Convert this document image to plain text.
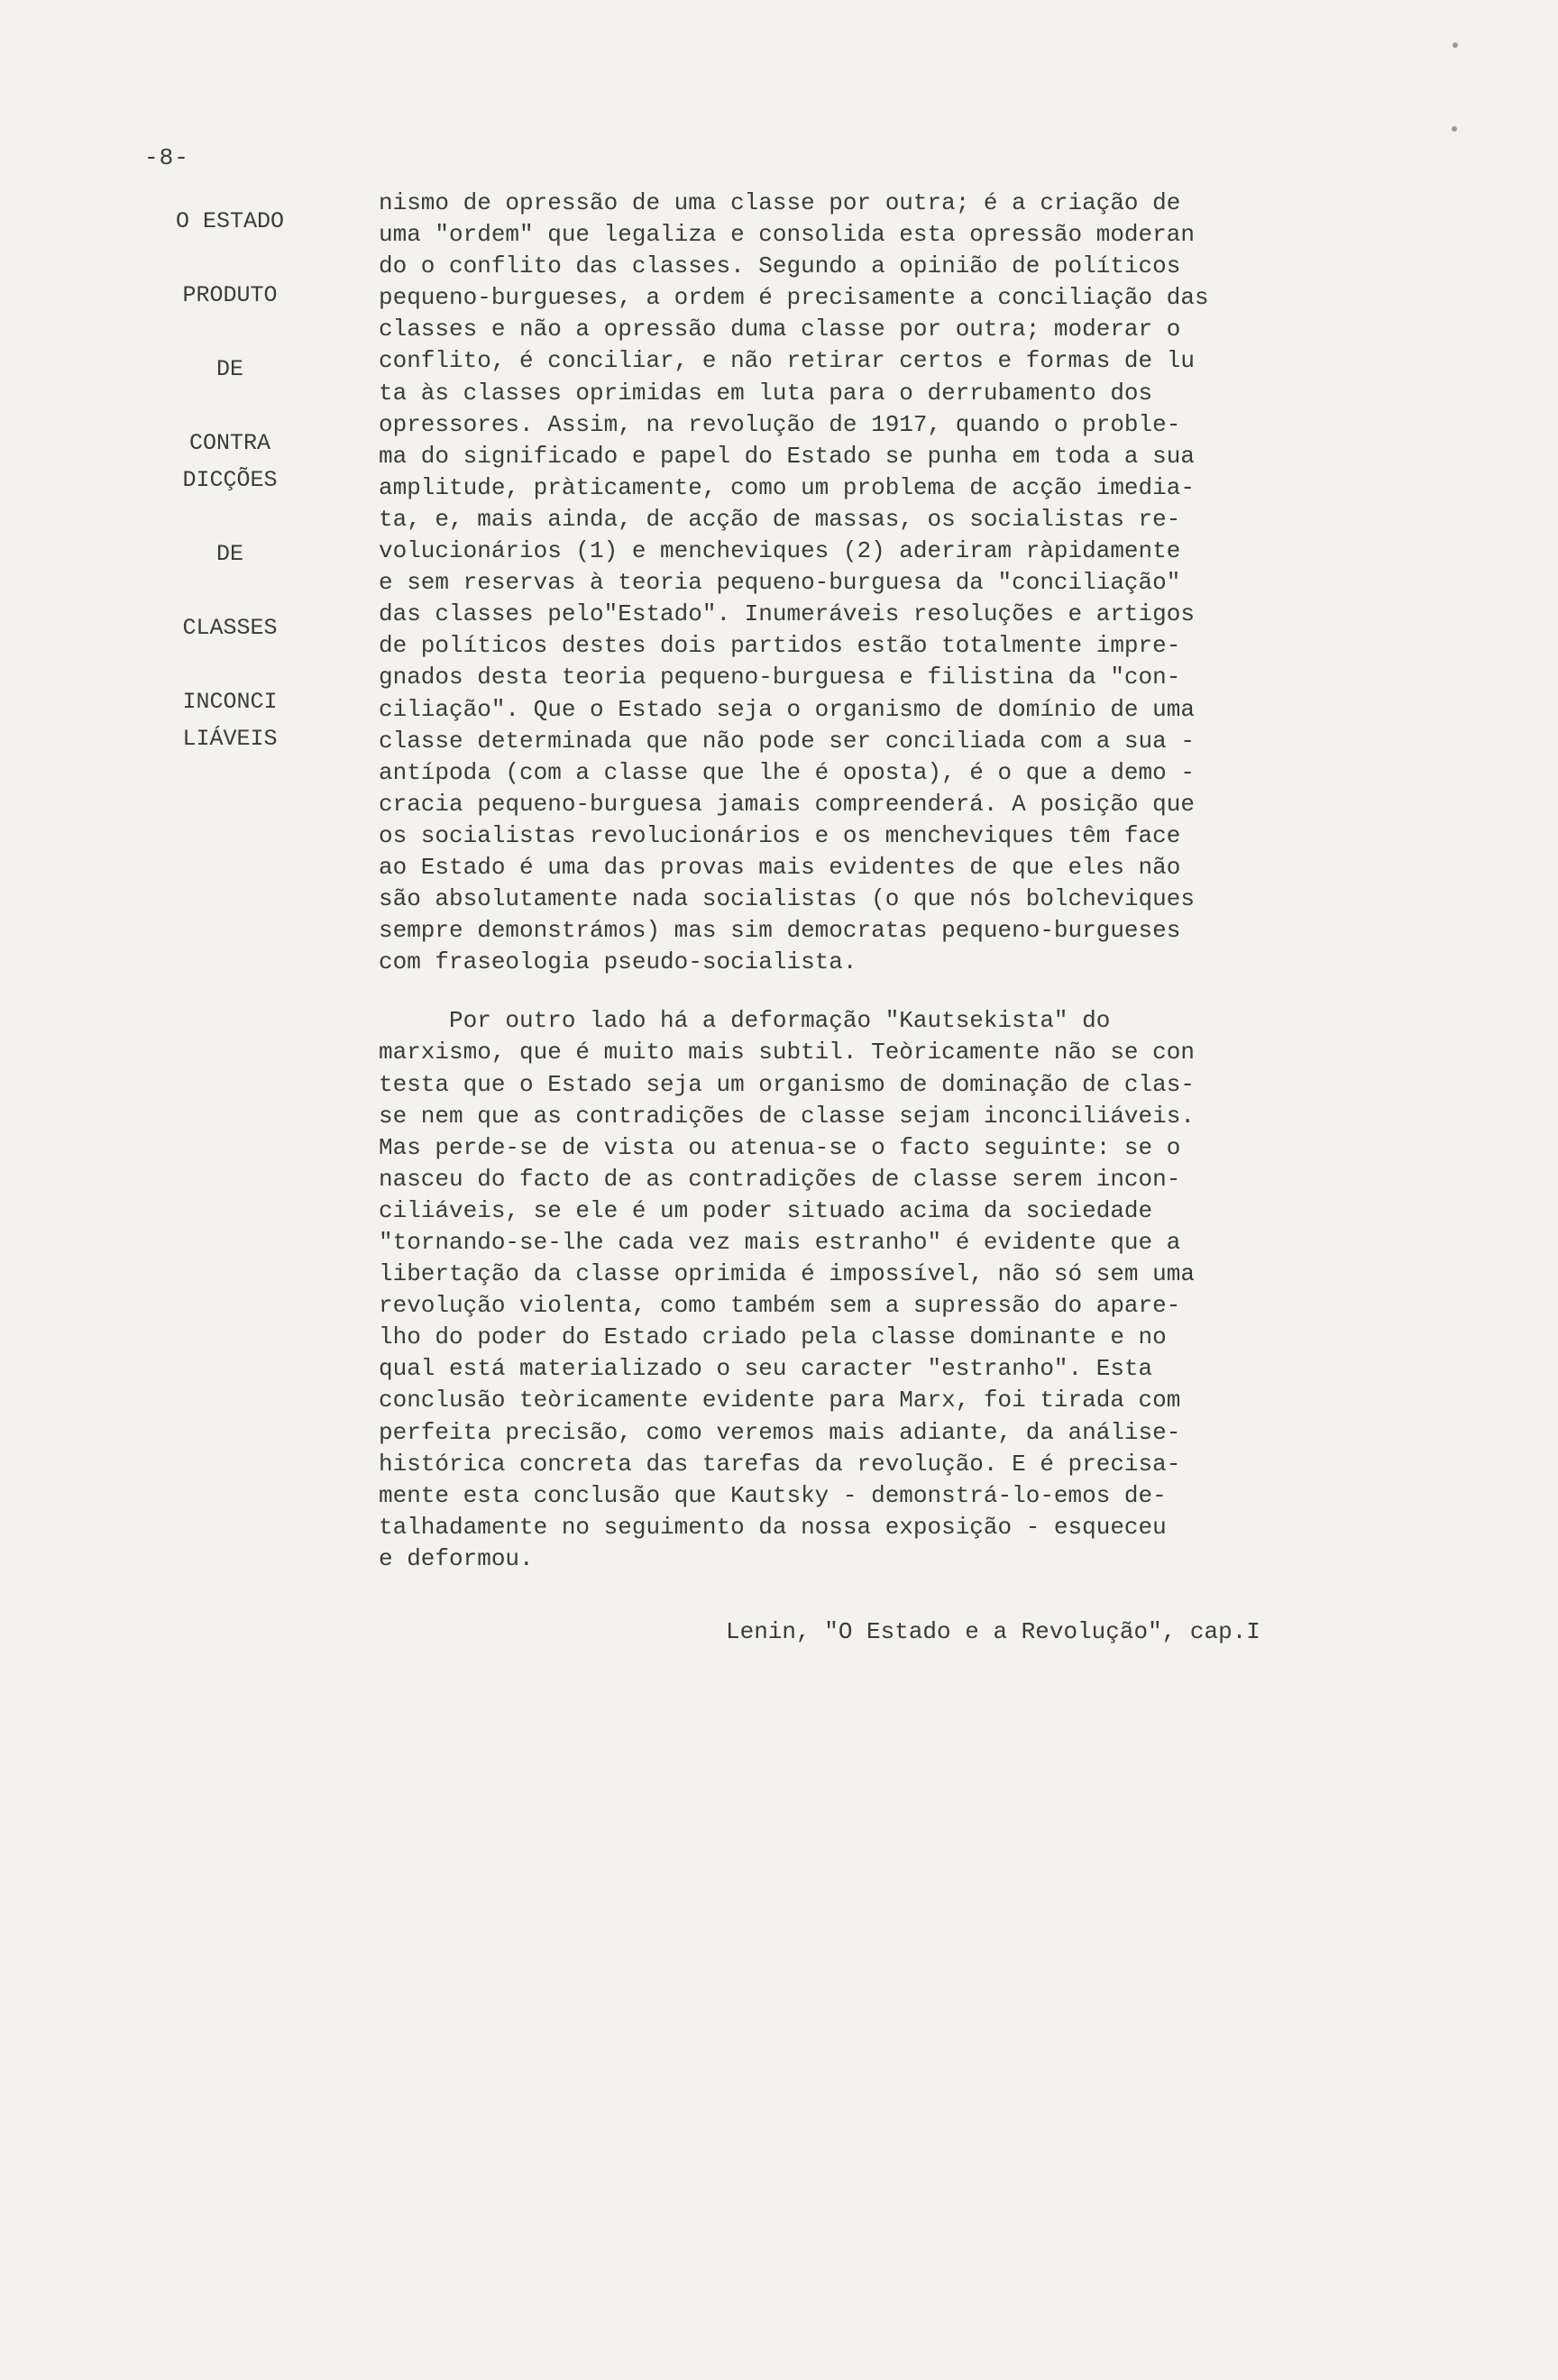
-8-
O ESTADO
PRODUTO
DE
CONTRA
DICÇÕES
DE
CLASSES
INCONCI
LIÁVEIS
nismo de opressão de uma classe por outra; é a criação de
uma "ordem" que legaliza e consolida esta opressão moderan
do o conflito das classes. Segundo a opinião de políticos
pequeno-burgueses, a ordem é precisamente a conciliação das
classes e não a opressão duma classe por outra; moderar o
conflito, é conciliar, e não retirar certos e formas de lu
ta às classes oprimidas em luta para o derrubamento dos
opressores. Assim, na revolução de 1917, quando o proble-
ma do significado e papel do Estado se punha em toda a sua
amplitude, pràticamente, como um problema de acção imedia-
ta, e, mais ainda, de acção de massas, os socialistas re-
volucionários (1) e mencheviques (2) aderiram ràpidamente
e sem reservas à teoria pequeno-burguesa da "conciliação"
das classes pelo"Estado". Inumeráveis resoluções e artigos
de políticos destes dois partidos estão totalmente impre-
gnados desta teoria pequeno-burguesa e filistina da "con-
ciliação". Que o Estado seja o organismo de domínio de uma
classe determinada que não pode ser conciliada com a sua -
antípoda (com a classe que lhe é oposta), é o que a demo -
cracia pequeno-burguesa jamais compreenderá. A posição que
os socialistas revolucionários e os mencheviques têm face
ao Estado é uma das provas mais evidentes de que eles não
são absolutamente nada socialistas (o que nós bolcheviques
sempre demonstrámos) mas sim democratas pequeno-burgueses
com fraseologia pseudo-socialista.
Por outro lado há a deformação "Kautsekista" do
marxismo, que é muito mais subtil. Teòricamente não se con
testa que o Estado seja um organismo de dominação de clas-
se nem que as contradições de classe sejam inconciliáveis.
Mas perde-se de vista ou atenua-se o facto seguinte: se o
nasceu do facto de as contradições de classe serem incon-
ciliáveis, se ele é um poder situado acima da sociedade
"tornando-se-lhe cada vez mais estranho" é evidente que a
libertação da classe oprimida é impossível, não só sem uma
revolução violenta, como também sem a supressão do apare-
lho do poder do Estado criado pela classe dominante e no
qual está materializado o seu caracter "estranho". Esta
conclusão teòricamente evidente para Marx, foi tirada com
perfeita precisão, como veremos mais adiante, da análise-
histórica concreta das tarefas da revolução. E é precisa-
mente esta conclusão que Kautsky - demonstrá-lo-emos de-
talhadamente no seguimento da nossa exposição - esqueceu
e deformou.
Lenin, "O Estado e a Revolução", cap.I
